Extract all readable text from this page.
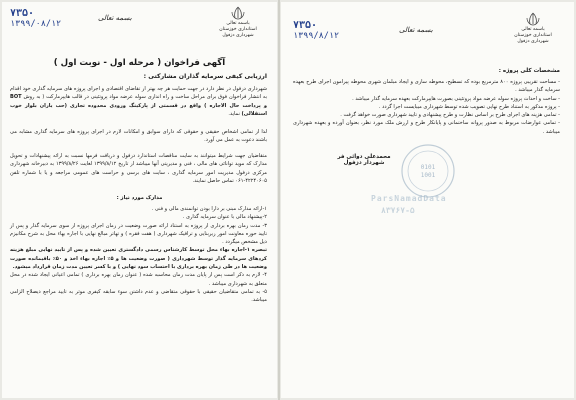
۷۳۵۰
۱۳۹۹/۰۸/۱۲
بسمه تعالی
باسمه تعالی
استانداری خوزستان
شهرداری دزفول
آگهی فراخوان ( مرحله اول - نوبت اول )
ارزیابی کیفی سرمایه گذاران مشارکتی :
شهرداری دزفول در نظر دارد در جهت حمایت هر چه بهتر از تقاضای اقتصادی و اجرای پروژه های سرمایه گذاری خود اقدام به انتشار فراخوان فوق برای مراحل ساخت و راه اندازی سوله عرضه مواد پروتئینی در قالب هایپرمارکت ( به روش BOT و پرداخت حال الاجاره ) واقع در قسمتی از پارکینگ ورودی محدوده تجاری (حب یاران بلوار خوب استقلالی) نماید.
لذا از تمامی اشخاص حقیقی و حقوقی که دارای سوابق و امکانات لازم در اجرای پروژه های سرمایه گذاری مشابه می باشند دعوت به عمل می آورد.
متقاضیان جهت شرایط میتوانند به سایت مناقصات استاندارد دزفول و دریافت فرمها نسبت به ارائه پیشنهادات و تحویل مدارک که موید توانائی های مالی ، فنی و مدیریتی آنها میباشد از تاریخ ۱۳۹۹/۸/۱۲ لغایت ۱۳۹۹/۸/۲۶ به دبیرخانه شهرداری مرکزی دزفول مدیریت امور سرمایه گذاری ، سایت های برسی و حراست های عمومی مراجعه و یا با شماره تلفن ۴۲۲۴۰۶۰۵-۰۶۱ تماس حاصل نمایند.
مدارک مورد نیاز :
۱-ارائه مدارک مبنی بر دارا بودن توانمندی مالی و فنی .
۲-پیشنهاد مالی با عنوان سرمایه گذاری .
۳- مدت زمان بهره برداری از پروژه به استناد ارائه صورت وضعیت در زمان اجرای پروژه از سوی سرمایه گذار و پس از تایید حوزه معاونت امور زیربنایی و ترافیک شهرداری ( هفت فقره ) و تهاتر مبالغ نهایی با اجاره بهاء محل به شرح مکانیزم ذیل مشخص میگردد .
تبصره ۱-اجاره بهاء محل توسط کارشناس رسمی دادگستری تعیین شده و پس از تایید نهایی مبلغ هزینه کردهای سرمایه گذار توسط شهرداری ( صورت وضعیت ها و ۵٪ اجاره بهاء اخذ و ۵۰٪ باقیمانده صورت وضعیت ها در طی زمان بهره برداری با احتساب سود نهایی ) و با کسر تعیین مدت زمان قرارداد میشود.
۴- لازم به ذکر است پس از پایان مدت زمان محاسبه شده ( عنوان زمان بهره برداری ) تمامی اعیانی ایجاد شده در محل متعلق به شهرداری میباشد .
۵- به تمامی متقاضیان حقیقی با حقوقی متقاضی و عدم داشتن سوء سابقه کیفری موثر به تایید مراجع ذیصلاح الزامی میباشد.
۷۳۵۰
۱۳۹۹/۸/۱۲
بسمه تعالی	باسمه تعالی
استانداری خوزستان
شهرداری دزفول
مشخصات کلی پروژه :
- مساحت تقریبی پروژه ۸۰۰ مترمربع بوده که تسطیح، محوطه سازی و ایجاد مبلمان شهری محوطه پیرامون اجرای طرح بعهده سرمایه گذار میباشد .
- ساخت و احداث پروژه سوله عرضه مواد پروتئینی بصورت هایپرمارکت بعهده سرمایه گذار میباشد .
- پروژه مذکور به استناد طرح نهایی تصویب شده توسط شهرداری میبایست اجرا گردد .
- تمامی هزینه های اجرای طرح بر اساس نظارت و طرح پیشنهادی و تایید شهرداری صورت خواهد گرفت .
- تمامی عوارضات مربوط به صدور پروانه ساختمانی و پایانکار طرح و ارزش ملک مورد نظر، بعنوان آورده و بعهده شهرداری میباشد .
0101
1001
محمدعلی دوائی فر
شهردار دزفول
ParsNamadData
۸۳۷۶۷-۵
